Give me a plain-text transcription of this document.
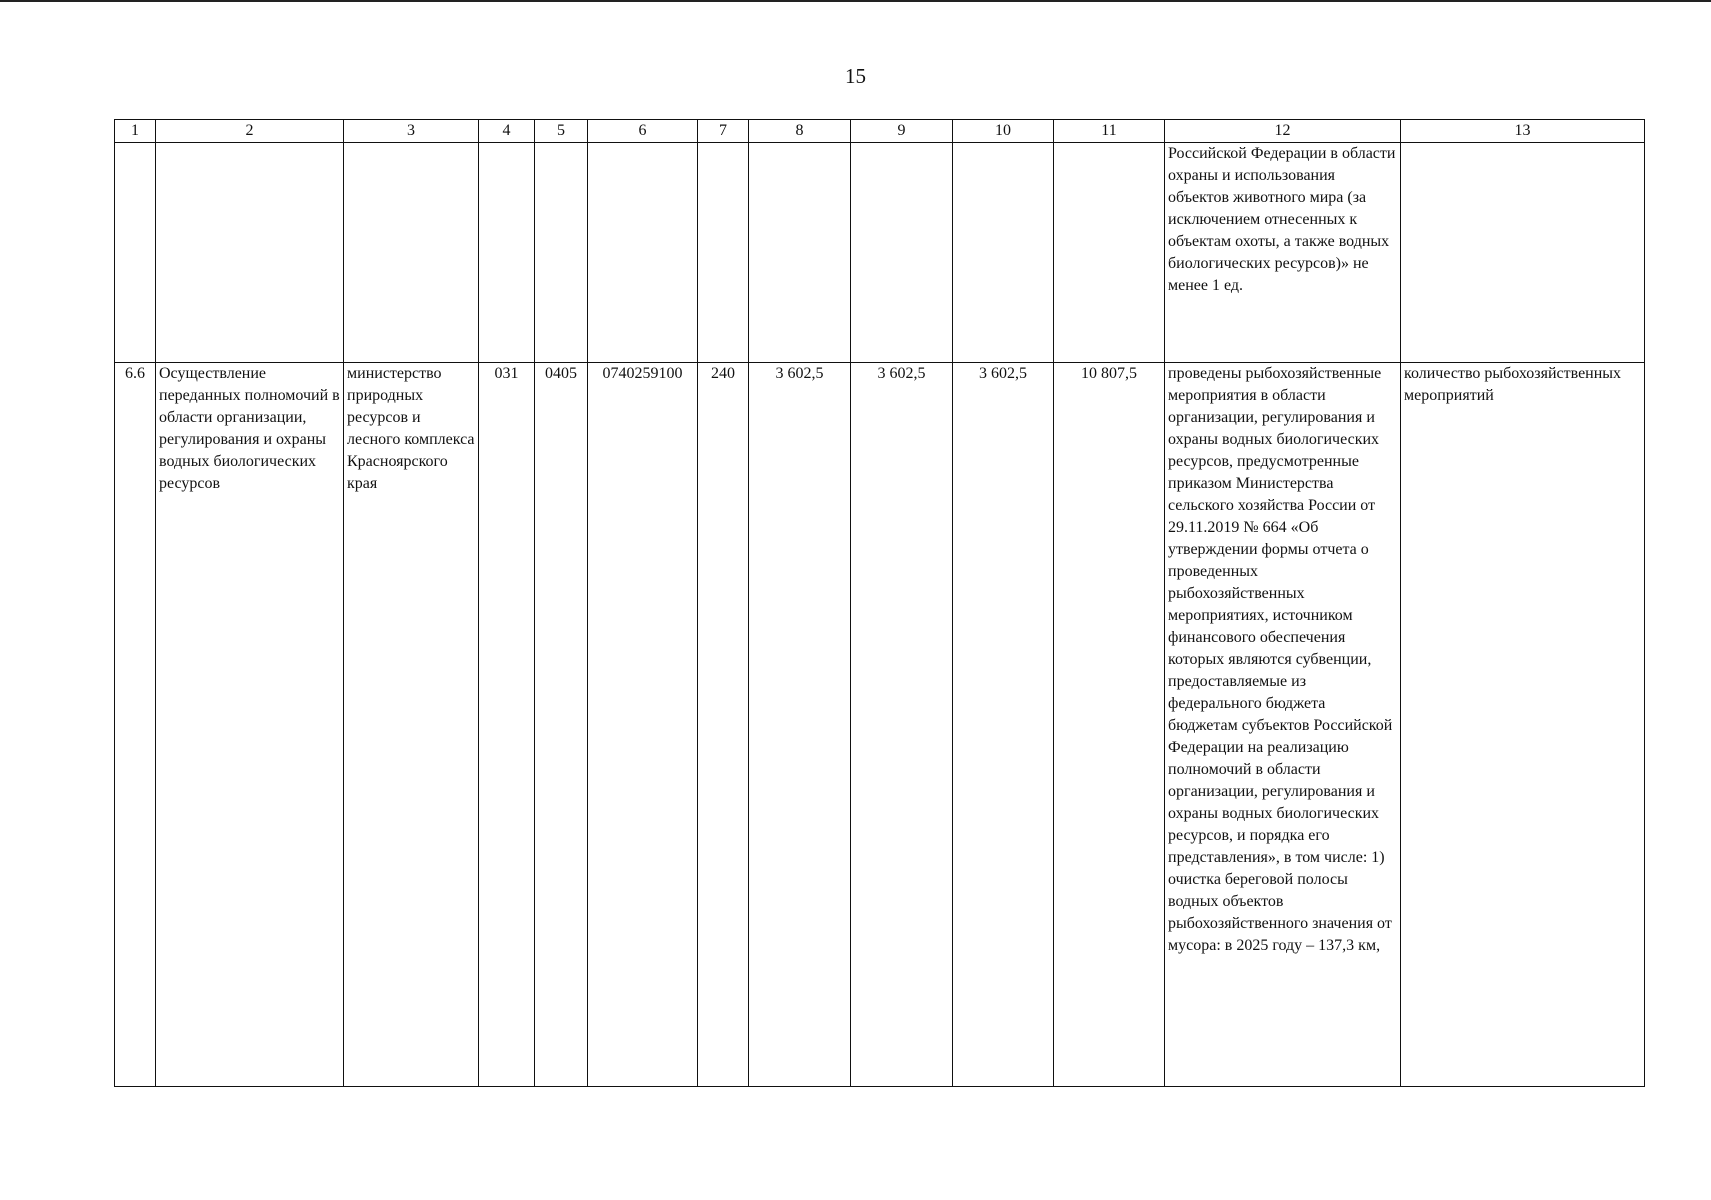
15
1	2	3	4	5	6	7	8	9	10	11	12	13
											Российской Федерации в области охраны и использования объектов животного мира (за исключением отнесенных к объектам охоты, а также водных биологических ресурсов)» не менее 1 ед.	
6.6	Осуществление переданных полномочий в области организации, регулирования и охраны водных биологических ресурсов	министерство природных ресурсов и лесного комплекса Красноярского края	031	0405	0740259100	240	3 602,5	3 602,5	3 602,5	10 807,5	проведены рыбохозяйственные мероприятия в области организации, регулирования и охраны водных биологических ресурсов, предусмотренные приказом Министерства сельского хозяйства России от 29.11.2019 № 664 «Об утверждении формы отчета о проведенных рыбохозяйственных мероприятиях, источником финансового обеспечения которых являются субвенции, предоставляемые из федерального бюджета бюджетам субъектов Российской Федерации на реализацию полномочий в области организации, регулирования и охраны водных биологических ресурсов, и порядка его представления», в том числе: 1) очистка береговой полосы водных объектов рыбохозяйственного значения от мусора: в 2025 году – 137,3 км,	количество рыбохозяйственных мероприятий
